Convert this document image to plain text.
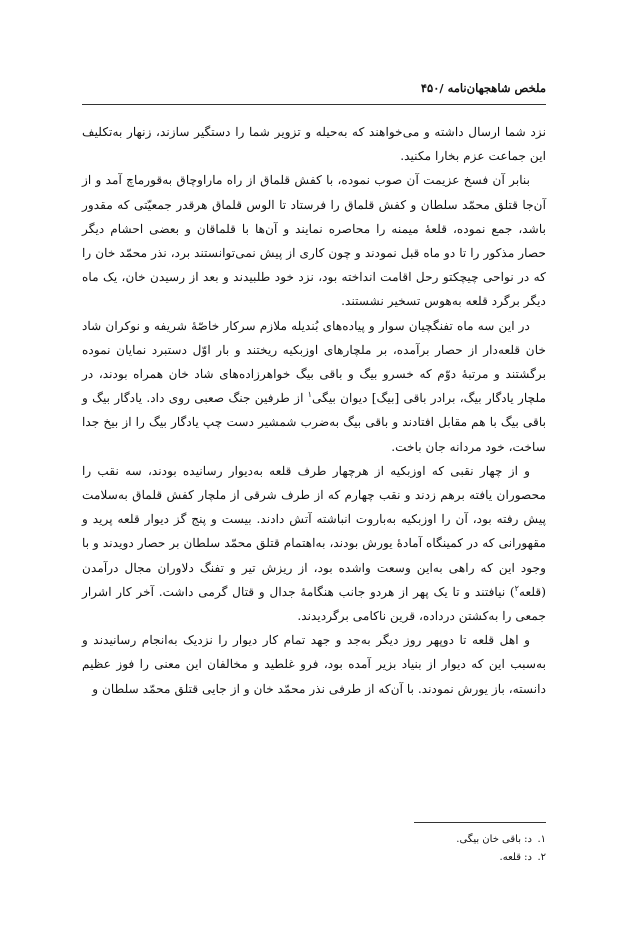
ملخص شاهجهان‌نامه /۴۵۰

نزد شما ارسال داشته و می‌خواهند که به‌حیله و تزویر شما را دستگیر سازند، زنهار به‌تکلیف این جماعت عزم بخارا مکنید.

بنابر آن فسخ عزیمت آن صوب نموده، با کفش قلماق از راه ماراوچاق به‌قورماچ آمد و از آن‌جا قتلق محمّد سلطان و کفش قلماق را فرستاد تا الوس قلماق هرقدر جمعیّتی که مقدور باشد، جمع نموده، قلعهٔ میمنه را محاصره نمایند و آن‌ها با قلماقان و بعضی احشام دیگر حصار مذکور را تا دو ماه قبل نمودند و چون کاری از پیش نمی‌توانستند برد، نذر محمّد خان را که در نواحی چیچکتو رحل اقامت انداخته بود، نزد خود طلبیدند و بعد از رسیدن خان، یک ماه دیگر برگرد قلعه به‌هوس تسخیر نشستند.

در این سه ماه تفنگچیان سوار و پیاده‌های بُندیله ملازم سرکار خاصّهٔ شریفه و نوکران شاد خان قلعه‌دار از حصار برآمده، بر ملچارهای اوزبکیه ریختند و بار اوّل دستبرد نمایان نموده برگشتند و مرتبهٔ دوّم که خسرو بیگ و باقی بیگ خواهرزاده‌های شاد خان همراه بودند، در ملچار یادگار بیگ، برادر باقی [بیگ] دیوان بیگی$^۱$ از طرفین جنگ صعبی روی داد. یادگار بیگ و باقی بیگ با هم مقابل افتادند و باقی بیگ به‌ضرب شمشیر دست چپ یادگار بیگ را از بیخ جدا ساخت، خود مردانه جان باخت.

و از چهار نقبی که اوزبکیه از هرچهار طرف قلعه به‌دیوار رسانیده بودند، سه نقب را محصوران یافته برهم زدند و نقب چهارم که از طرف شرقی از ملچار کفش قلماق به‌سلامت پیش رفته بود، آن را اوزبکیه به‌باروت انباشته آتش دادند. بیست و پنج گز دیوار قلعه پرید و مقهورانی که در کمینگاه آمادهٔ یورش بودند، به‌اهتمام قتلق محمّد سلطان بر حصار دویدند و با وجود این که راهی به‌این وسعت واشده بود، از ریزش تیر و تفنگ دلاوران مجال درآمدن (قلعه$^۲$) نیافتند و تا یک پهر از هردو جانب هنگامهٔ جدال و قتال گرمی داشت. آخر کار اشرار جمعی را به‌کشتن درداده، قرین ناکامی برگردیدند.

و اهل قلعه تا دوپهر روز دیگر به‌جد و جهد تمام کار دیوار را نزدیک به‌انجام رسانیدند و به‌سبب این که دیوار از بنیاد بزیر آمده بود، فرو غلطید و مخالفان این معنی را فوز عظیم دانسته، باز یورش نمودند. با آن‌که از طرفی نذر محمّد خان و از جایی قتلق محمّد سلطان و

۱.د: باقی خان بیگی.
۲.د: قلعه.
